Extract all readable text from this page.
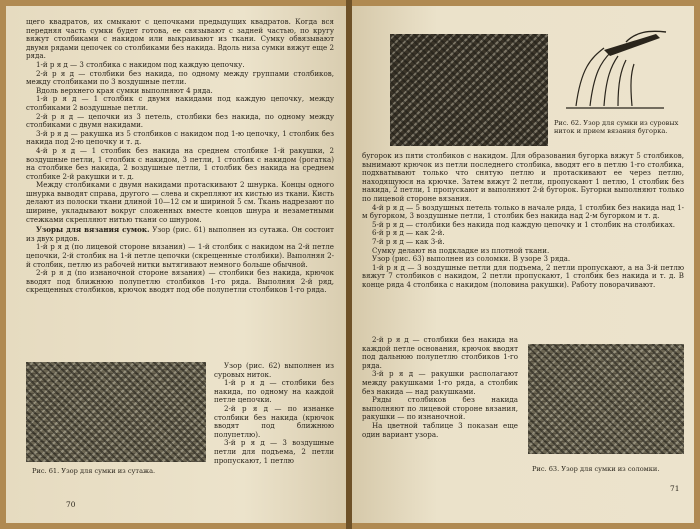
щего квадратов, их смыкают с цепочками предыдущих квадратов. Когда вся передняя часть сумки будет готова, ее связывают с задней частью, по кругу вяжут столбиками с накидом или выкраивают из ткани. Сумку обвязывают двумя рядами цепочек со столбиками без накида. Вдоль низа сумки вяжут еще 2 ряда.

1-й р я д — 3 столбика с накидом под каждую цепочку.

2-й р я д — столбики без накида, по одному между группами столбиков, между столбиками по 3 воздушные петли.

Вдоль верхнего края сумки выполняют 4 ряда.

1-й р я д — 1 столбик с двумя накидами под каждую цепочку, между столбиками 2 воздушные петли.

2-й р я д — цепочки из 3 петель, столбики без накида, по одному между столбиками с двумя накидами.

3-й р я д — ракушка из 5 столбиков с накидом под 1-ю цепочку, 1 столбик без накида под 2-ю цепочку и т. д.

4-й р я д — 1 столбик без накида на среднем столбике 1-й ракушки, 2 воздушные петли, 1 столбик с накидом, 3 петли, 1 столбик с накидом (рогатка) на столбике без накида, 2 воздушные петли, 1 столбик без накида на среднем столбике 2-й ракушки и т. д.

Между столбиками с двумя накидами протаскивают 2 шнурка. Концы одного шнурка выводят справа, другого — слева и скрепляют их кистью из ткани. Кисть делают из полоски ткани длиной 10—12 см и шириной 5 см. Ткань надрезают по ширине, укладывают вокруг сложенных вместе концов шнура и незаметными стежками скрепляют нитью ткани со шнуром.

Узоры для вязания сумок. Узор (рис. 61) выполнен из сутажа. Он состоит из двух рядов.

1-й р я д (по лицевой стороне вязания) — 1-й столбик с накидом на 2-й петле цепочки, 2-й столбик на 1-й петле цепочки (скрещенные столбики). Выполняя 2-й столбик, петлю из рабочей нитки вытягивают немного больше обычной.

2-й р я д (по изнаночной стороне вязания) — столбики без накида, крючок вводят под ближнюю полупетлю столбиков 1-го ряда. Выполняя 2-й ряд, скрещенных столбиков, крючок вводят под обе полупетли столбиков 1-го ряда.

Рис. 61. Узор для сумки из сутажа.

Узор (рис. 62) выполнен из суровых ниток.

1-й р я д — столбики без накида, по одному на каждой петле цепочки.

2-й р я д — по изнанке столбики без накида (крючок вводят под ближнюю полупетлю).

3-й р я д — 3 воздушные петли для подъема, 2 петли пропускают, 1 петлю

70
Рис. 62. Узор для сумки из суровых ниток и прием вязания бугорка.

бугорок из пяти столбиков с накидом. Для образования бугорка вяжут 5 столбиков, вынимают крючок из петли последнего столбика, вводят его в петлю 1-го столбика, подхватывают только что снятую петлю и протаскивают ее через петлю, находящуюся на крючке. Затем вяжут 2 петли, пропускают 1 петлю, 1 столбик без накида, 2 петли, 1 пропускают и выполняют 2-й бугорок. Бугорки выполняют только по лицевой стороне вязания.

4-й р я д — 5 воздушных петель только в начале ряда, 1 столбик без накида над 1-м бугорком, 3 воздушные петли, 1 столбик без накида над 2-м бугорком и т. д.

5-й р я д — столбики без накида под каждую цепочку и 1 столбик на столбиках.

6-й р я д — как 2-й.

7-й р я д — как 3-й.

Сумку делают на подкладке из плотной ткани.

Узор (рис. 63) выполнен из соломки. В узоре 3 ряда.

1-й р я д — 3 воздушные петли для подъема, 2 петли пропускают, а на 3-й петлю вяжут 7 столбиков с накидом, 2 петли пропускают, 1 столбик без накида и т. д. В конце ряда 4 столбика с накидом (половина ракушки). Работу поворачивают.

2-й р я д — столбики без накида на каждой петле основания, крючок вводят под дальнюю полупетлю столбиков 1-го ряда.

3-й р я д — ракушки располагают между ракушками 1-го ряда, а столбик без накида — над ракушками.

Ряды столбиков без накида выполняют по лицевой стороне вязания, ракушки — по изнаночной.

На цветной таблице 3 показан еще один вариант узора.

Рис. 63. Узор для сумки из соломки.
71
